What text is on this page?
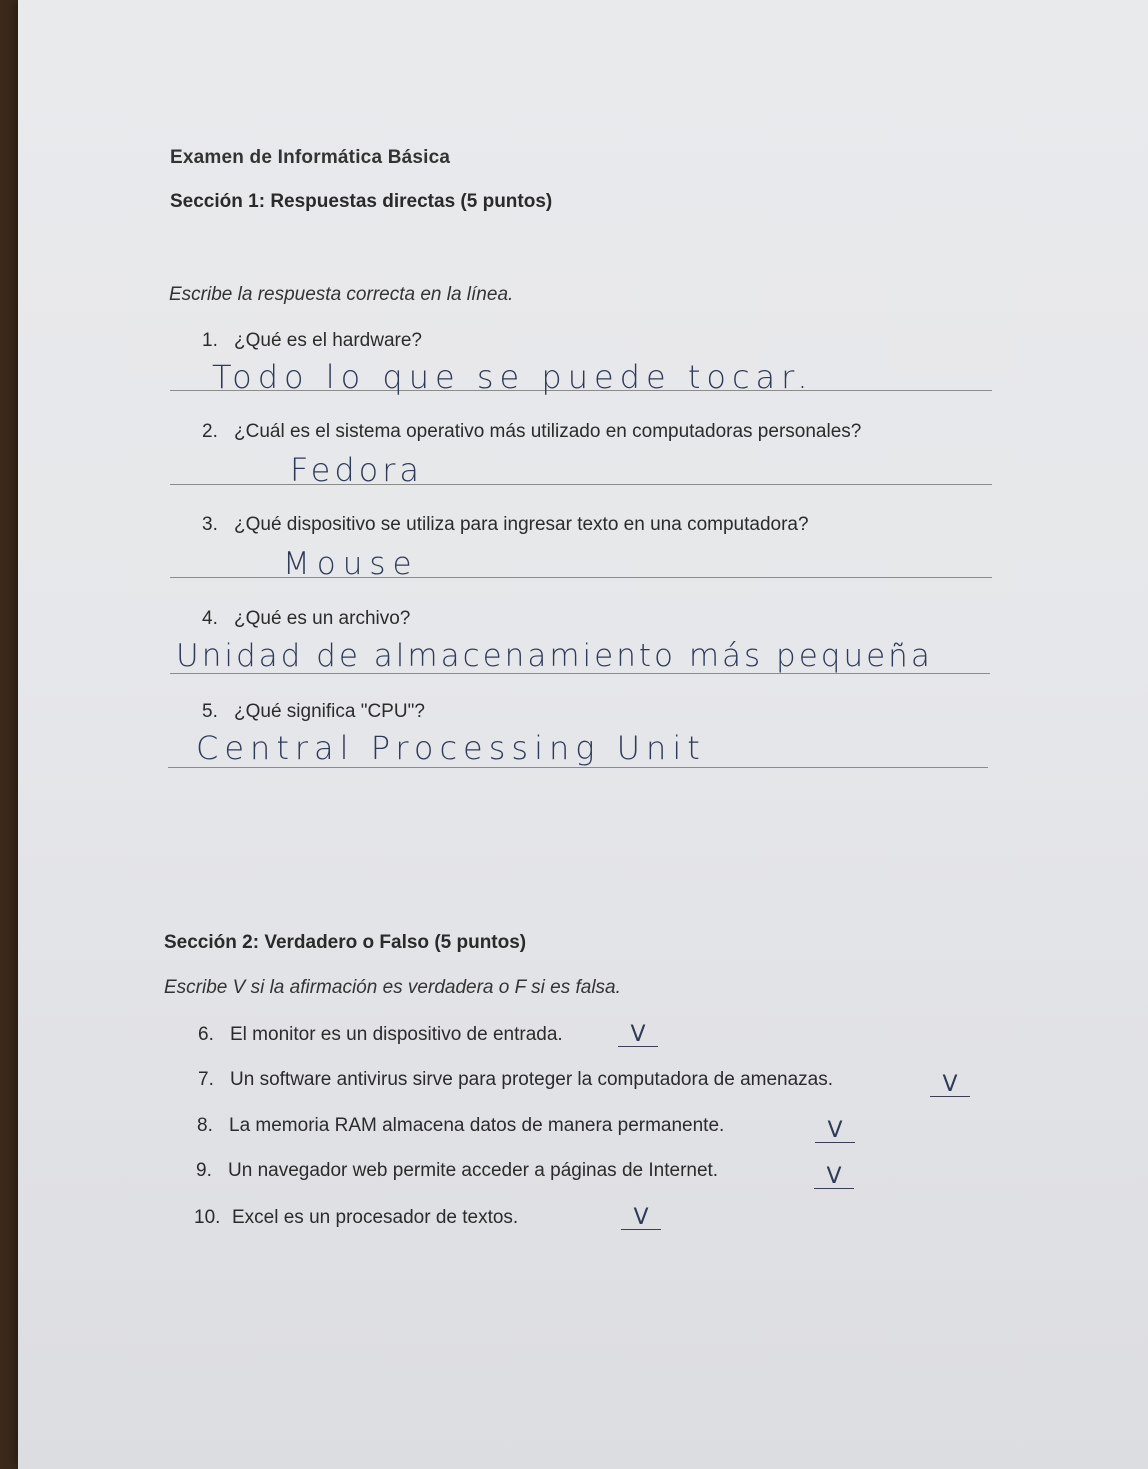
Examen de Informática Básica
Sección 1: Respuestas directas (5 puntos)
Escribe la respuesta correcta en la línea.
1. ¿Qué es el hardware?
Todo lo que se puede tocar.
2. ¿Cuál es el sistema operativo más utilizado en computadoras personales?
Fedora
3. ¿Qué dispositivo se utiliza para ingresar texto en una computadora?
Mouse
4. ¿Qué es un archivo?
Unidad de almacenamiento más pequeña
5. ¿Qué significa "CPU"?
Central Processing Unit
Sección 2: Verdadero o Falso (5 puntos)
Escribe V si la afirmación es verdadera o F si es falsa.
6. El monitor es un dispositivo de entrada.	V
7. Un software antivirus sirve para proteger la computadora de amenazas.	V
8. La memoria RAM almacena datos de manera permanente.	V
9. Un navegador web permite acceder a páginas de Internet.	V
10. Excel es un procesador de textos.	V
